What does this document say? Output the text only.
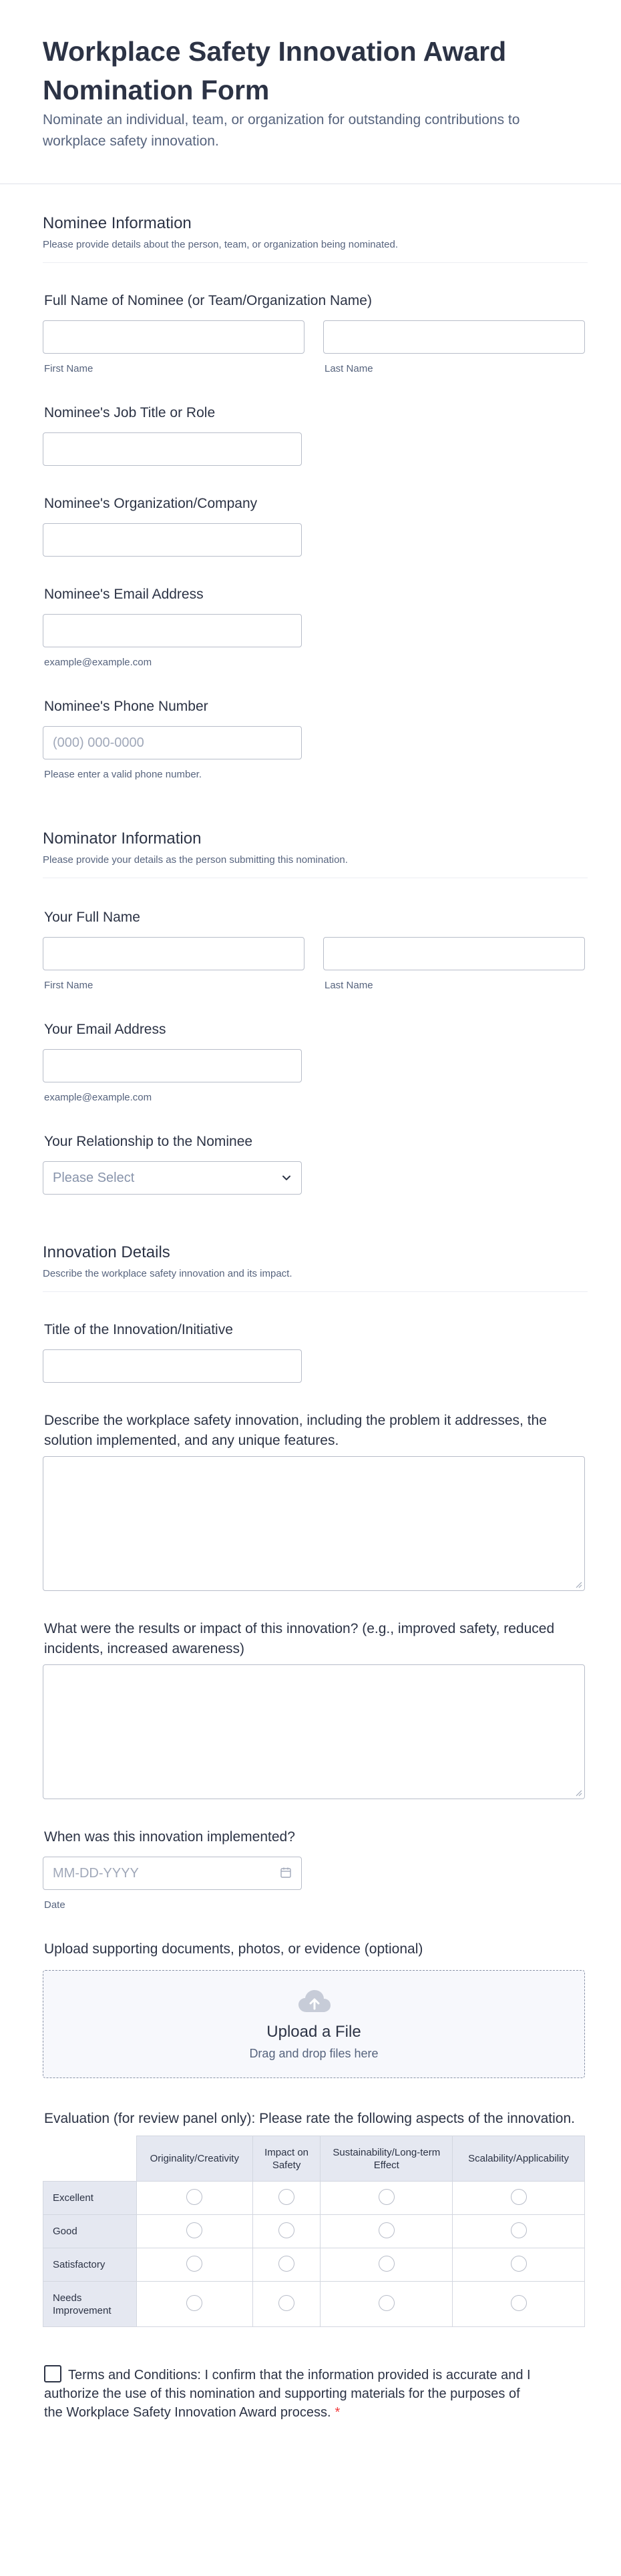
Workplace Safety Innovation Award Nomination Form
Nominate an individual, team, or organization for outstanding contributions to workplace safety innovation.
Nominee Information
Please provide details about the person, team, or organization being nominated.
Full Name of Nominee (or Team/Organization Name)
First Name	Last Name
Nominee's Job Title or Role
Nominee's Organization/Company
Nominee's Email Address
example@example.com
Nominee's Phone Number
(000) 000-0000
Please enter a valid phone number.
Nominator Information
Please provide your details as the person submitting this nomination.
Your Full Name
First Name	Last Name
Your Email Address
example@example.com
Your Relationship to the Nominee
Please Select
Innovation Details
Describe the workplace safety innovation and its impact.
Title of the Innovation/Initiative
Describe the workplace safety innovation, including the problem it addresses, the solution implemented, and any unique features.
What were the results or impact of this innovation? (e.g., improved safety, reduced incidents, increased awareness)
When was this innovation implemented?
MM-DD-YYYY
Date
Upload supporting documents, photos, or evidence (optional)
Upload a File
Drag and drop files here
Evaluation (for review panel only): Please rate the following aspects of the innovation.
	Originality/Creativity	Impact on Safety	Sustainability/Long-term Effect	Scalability/Applicability
Excellent				
Good				
Satisfactory				
Needs Improvement				
Terms and Conditions: I confirm that the information provided is accurate and I authorize the use of this nomination and supporting materials for the purposes of the Workplace Safety Innovation Award process. *
